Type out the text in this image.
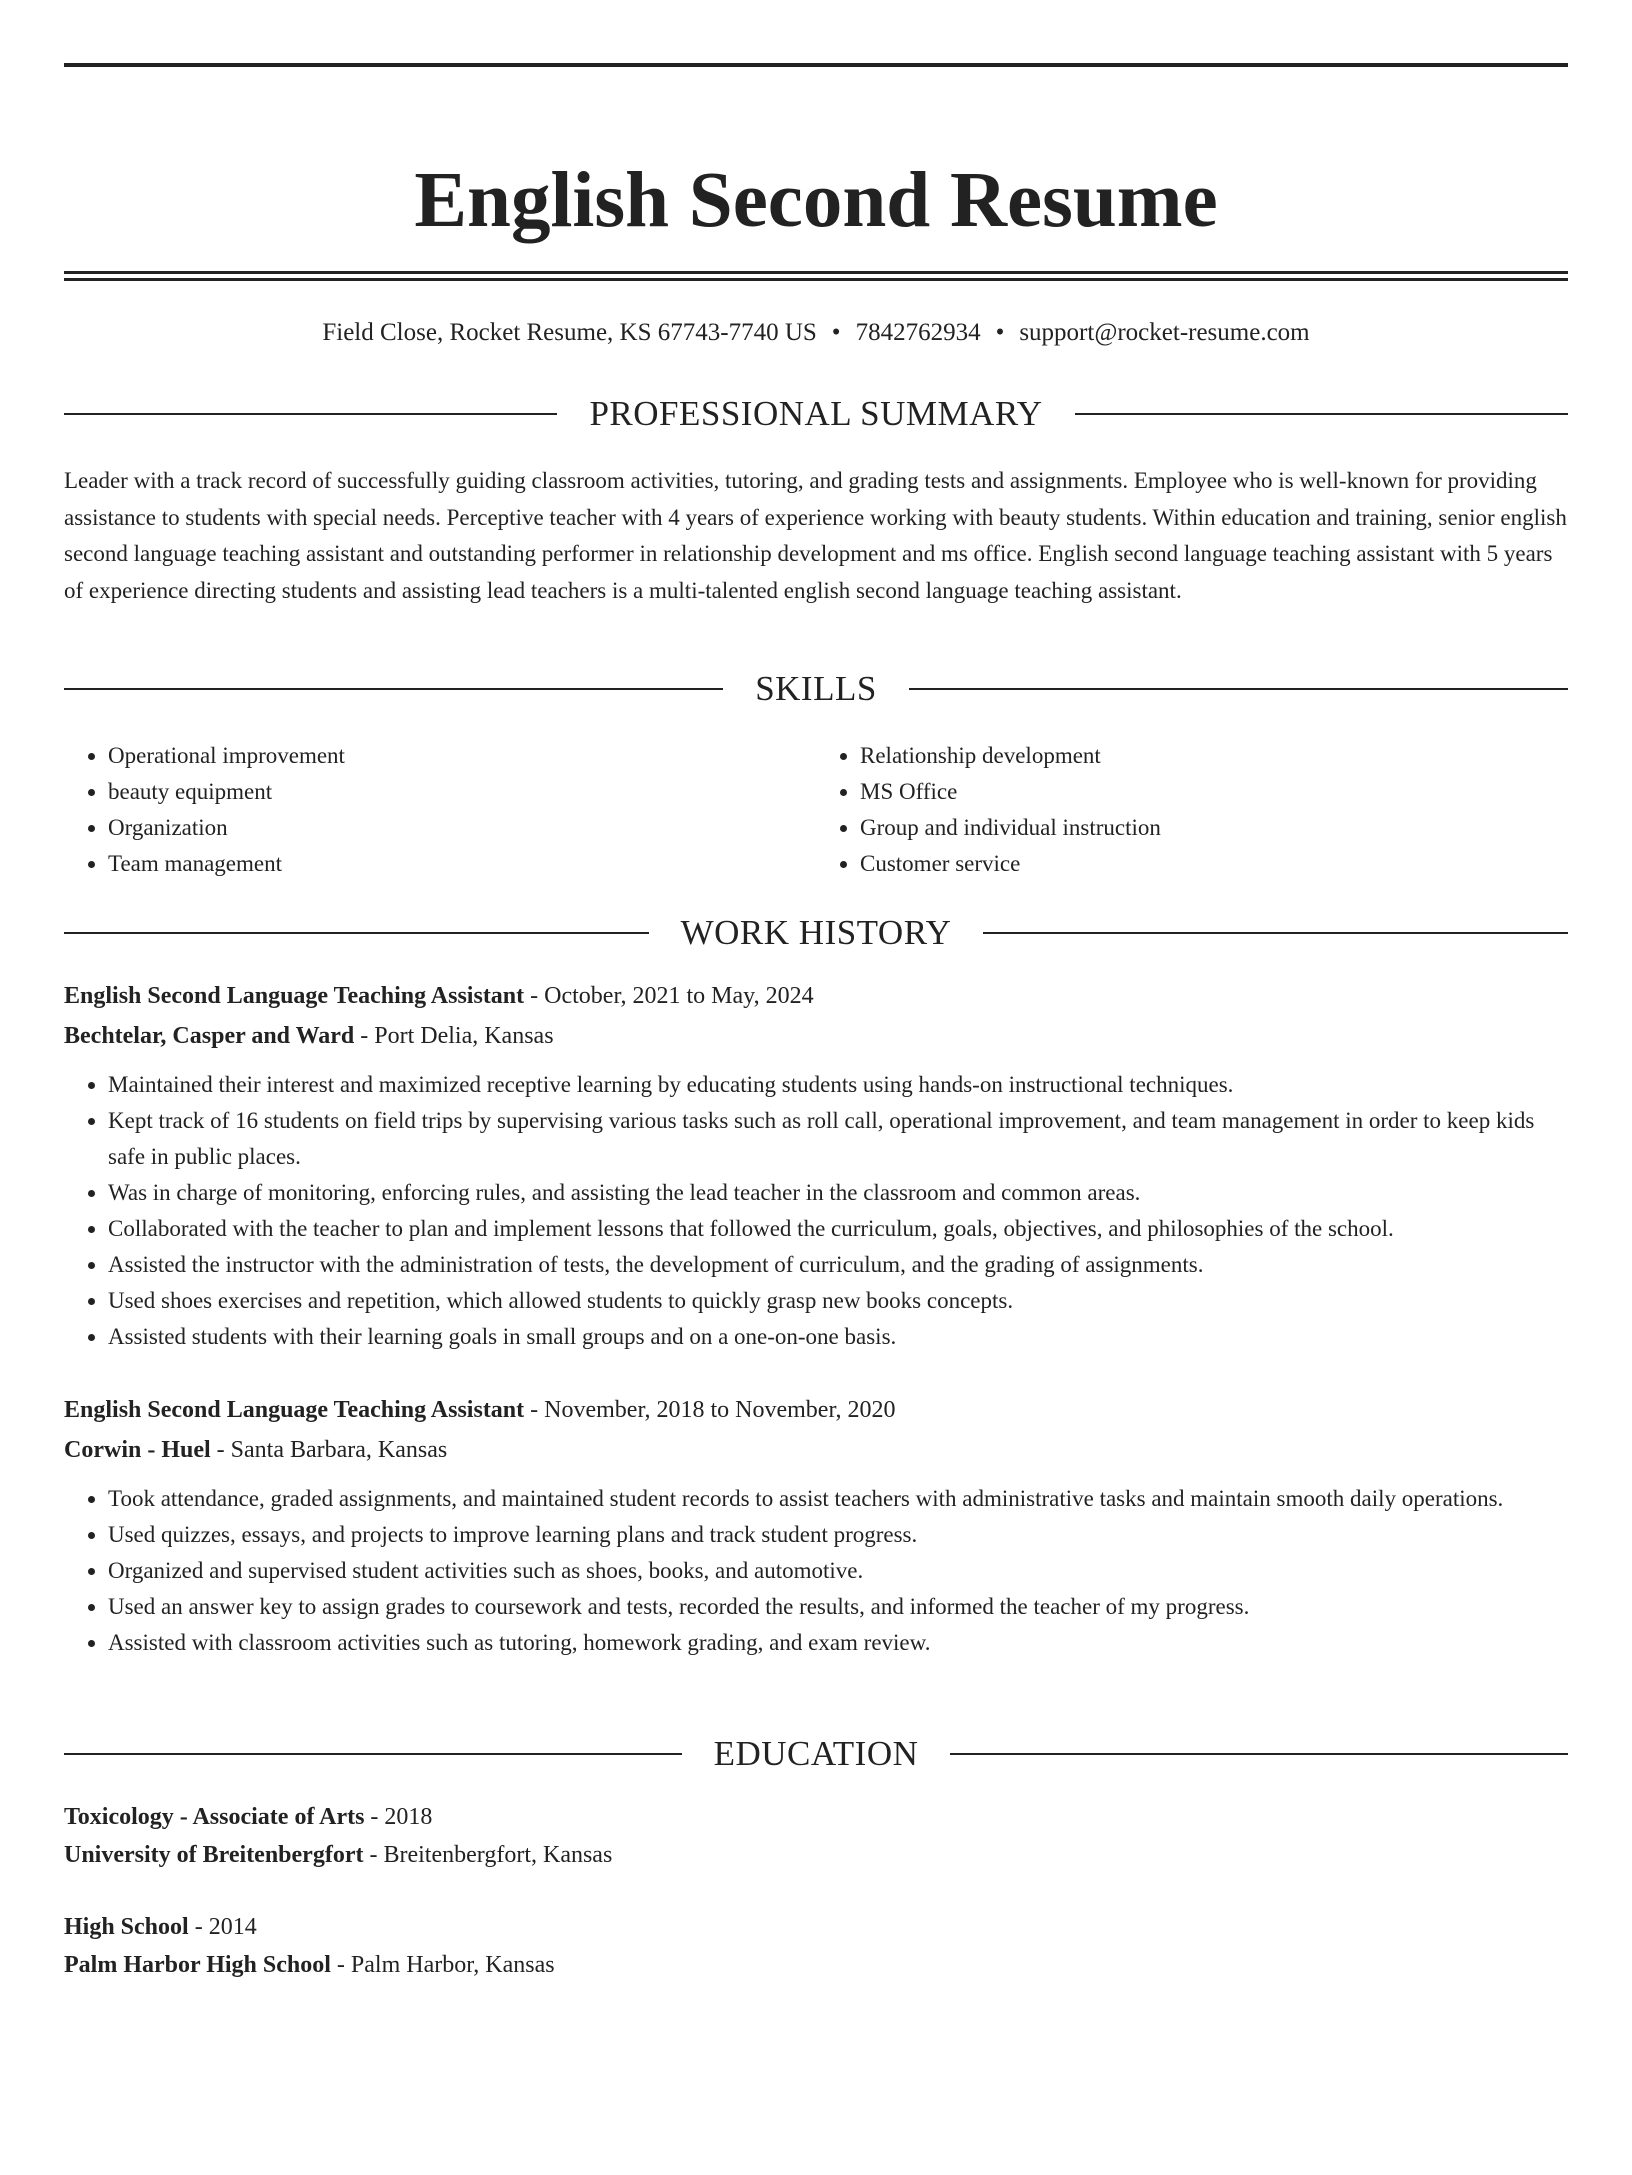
English Second Resume
Field Close, Rocket Resume, KS 67743-7740 US • 7842762934 • support@rocket-resume.com
PROFESSIONAL SUMMARY

Leader with a track record of successfully guiding classroom activities, tutoring, and grading tests and assignments. Employee who is well-known for providing assistance to students with special needs. Perceptive teacher with 4 years of experience working with beauty students. Within education and training, senior english second language teaching assistant and outstanding performer in relationship development and ms office. English second language teaching assistant with 5 years of experience directing students and assisting lead teachers is a multi-talented english second language teaching assistant.

SKILLS
• Operational improvement
• beauty equipment
• Organization
• Team management
• Relationship development
• MS Office
• Group and individual instruction
• Customer service
WORK HISTORY

English Second Language Teaching Assistant - October, 2021 to May, 2024

Bechtelar, Casper and Ward - Port Delia, Kansas

• Maintained their interest and maximized receptive learning by educating students using hands-on instructional techniques.
• Kept track of 16 students on field trips by supervising various tasks such as roll call, operational improvement, and team management in order to keep kids safe in public places.
• Was in charge of monitoring, enforcing rules, and assisting the lead teacher in the classroom and common areas.
• Collaborated with the teacher to plan and implement lessons that followed the curriculum, goals, objectives, and philosophies of the school.
• Assisted the instructor with the administration of tests, the development of curriculum, and the grading of assignments.
• Used shoes exercises and repetition, which allowed students to quickly grasp new books concepts.
• Assisted students with their learning goals in small groups and on a one-on-one basis.

English Second Language Teaching Assistant - November, 2018 to November, 2020

Corwin - Huel - Santa Barbara, Kansas

• Took attendance, graded assignments, and maintained student records to assist teachers with administrative tasks and maintain smooth daily operations.
• Used quizzes, essays, and projects to improve learning plans and track student progress.
• Organized and supervised student activities such as shoes, books, and automotive.
• Used an answer key to assign grades to coursework and tests, recorded the results, and informed the teacher of my progress.
• Assisted with classroom activities such as tutoring, homework grading, and exam review.
EDUCATION

Toxicology - Associate of Arts - 2018

University of Breitenbergfort - Breitenbergfort, Kansas

High School - 2014

Palm Harbor High School - Palm Harbor, Kansas
